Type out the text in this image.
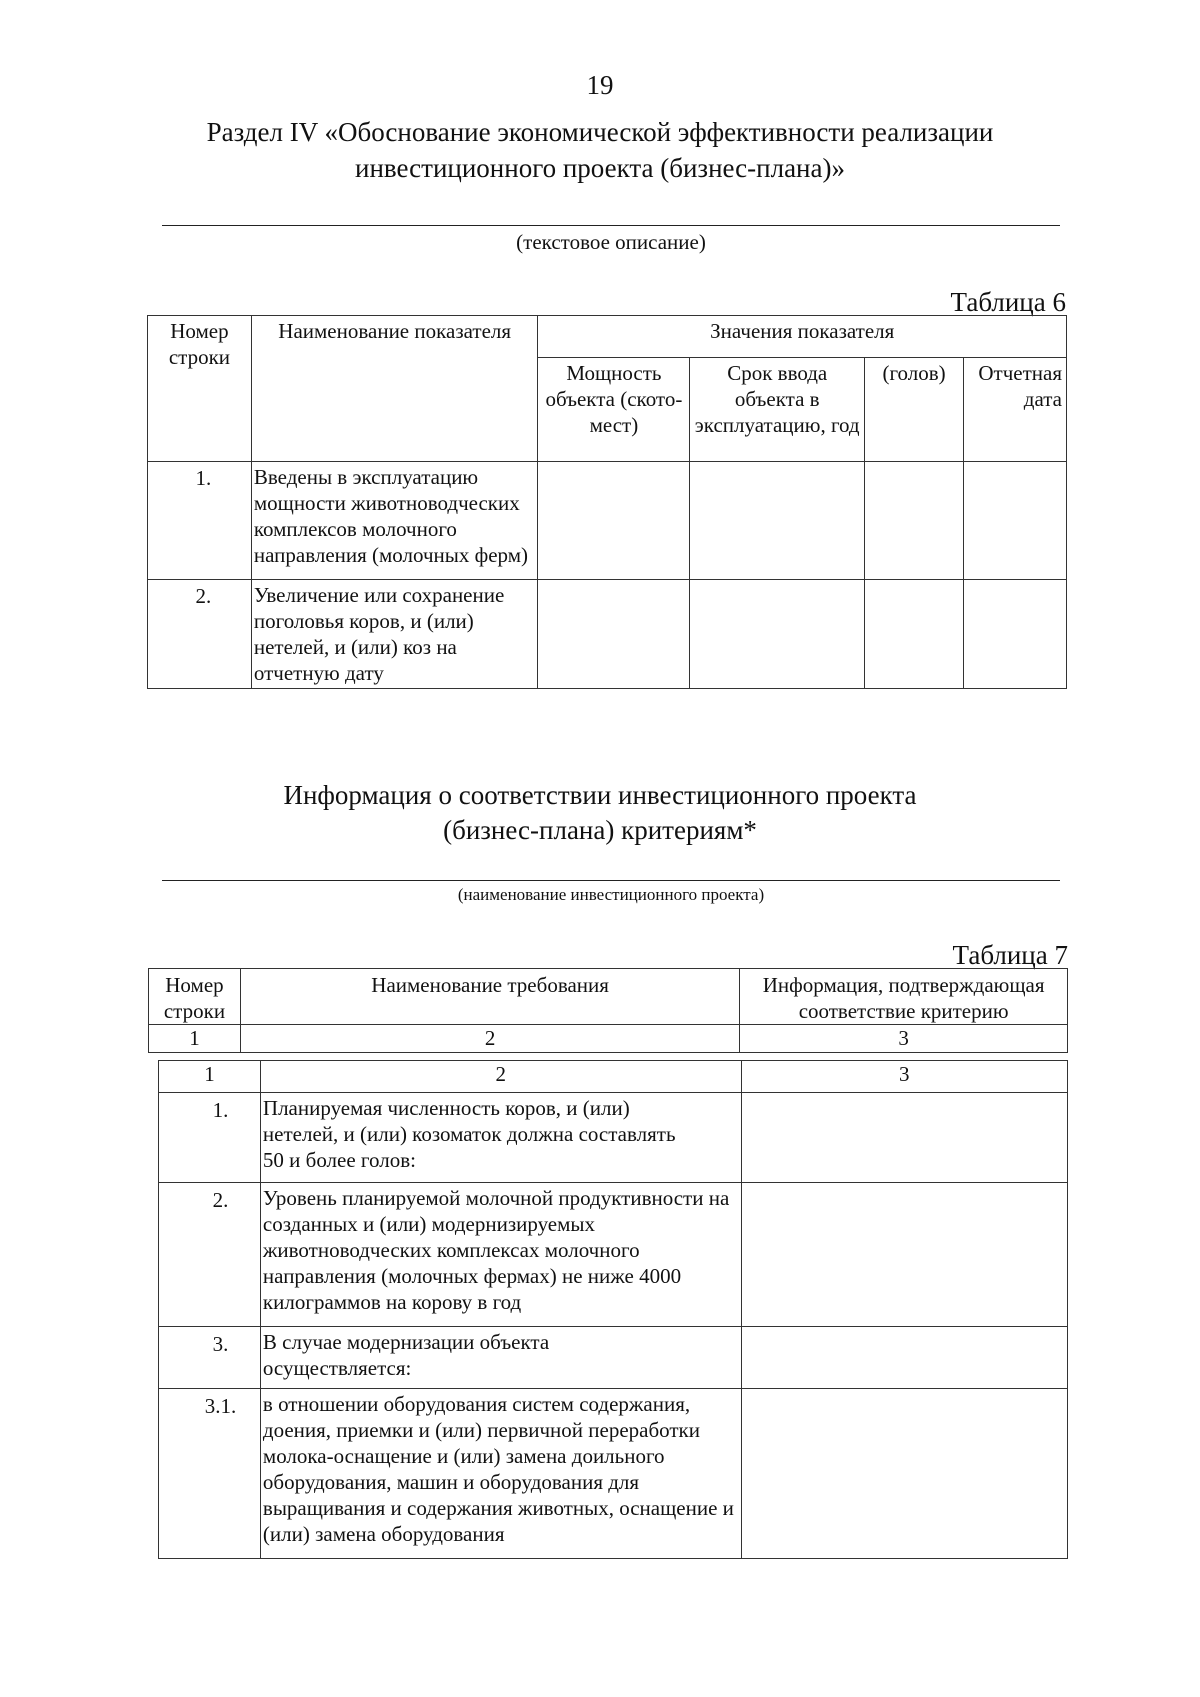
19
Раздел IV «Обоснование экономической эффективности реализации
инвестиционного проекта (бизнес-плана)»
(текстовое описание)
Таблица 6
Номер строки	Наименование показателя	Значения показателя			
		Мощность объекта (ското-мест)	Срок ввода объекта в эксплуатацию, год	(голов)	Отчетная дата
1.	Введены в эксплуатацию мощности животноводческих комплексов молочного направления (молочных ферм)				
2.	Увеличение или сохранение поголовья коров, и (или) нетелей, и (или) коз на отчетную дату				
Информация о соответствии инвестиционного проекта
(бизнес-плана) критериям*
(наименование инвестиционного проекта)
Таблица 7
Номер строки	Наименование требования	Информация, подтверждающая соответствие критерию
1	2	3
1	2	3
1.	Планируемая численность коров, и (или) нетелей, и (или) козоматок должна составлять 50 и более голов:	
2.	Уровень планируемой молочной продуктивности на созданных и (или) модернизируемых животноводческих комплексах молочного направления (молочных фермах) не ниже 4000 килограммов на корову в год	
3.	В случае модернизации объекта осуществляется:	
3.1.	в отношении оборудования систем содержания, доения, приемки и (или) первичной переработки молока-оснащение и (или) замена доильного оборудования, машин и оборудования для выращивания и содержания животных, оснащение и (или) замена оборудования	
